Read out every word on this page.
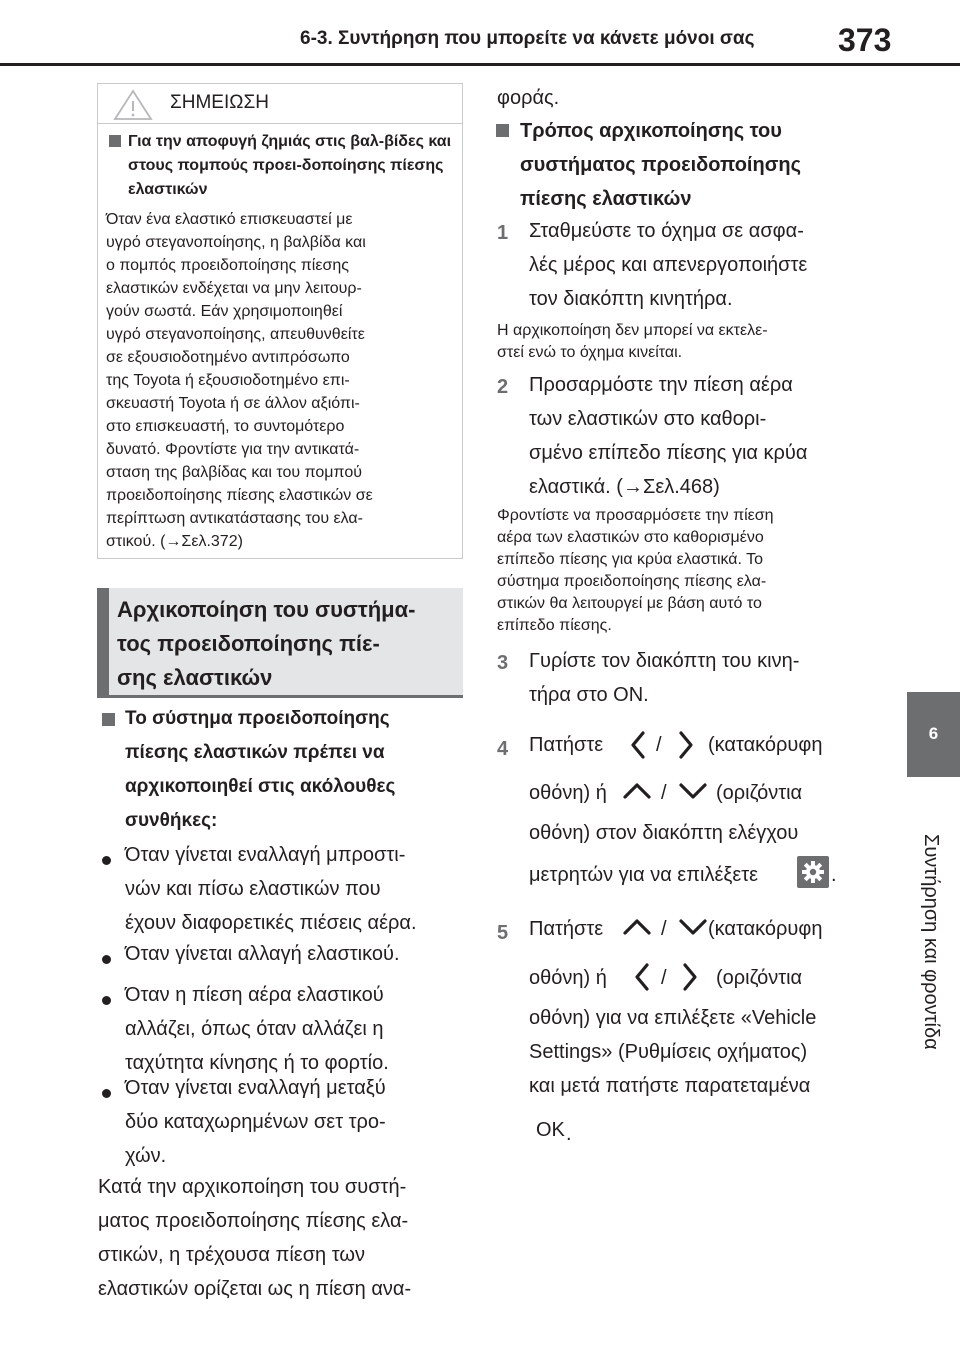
6-3. Συντήρηση που μπορείτε να κάνετε μόνοι σας	373
6
Συντήρηση και φροντίδα
ΣΗΜΕΙΩΣΗ
Για την αποφυγή ζημιάς στις βαλ-βίδες και στους πομπούς προει-δοποίησης πίεσης ελαστικών
Όταν ένα ελαστικό επισκευαστεί με
υγρό στεγανοποίησης, η βαλβίδα και
ο πομπός προειδοποίησης πίεσης
ελαστικών ενδέχεται να μην λειτουρ-
γούν σωστά. Εάν χρησιμοποιηθεί
υγρό στεγανοποίησης, απευθυνθείτε
σε εξουσιοδοτημένο αντιπρόσωπο
της Toyota ή εξουσιοδοτημένο επι-
σκευαστή Toyota ή σε άλλον αξιόπι-
στο επισκευαστή, το συντομότερο
δυνατό. Φροντίστε για την αντικατά-
σταση της βαλβίδας και του πομπού
προειδοποίησης πίεσης ελαστικών σε
περίπτωση αντικατάστασης του ελα-
στικού. (→Σελ.372)
Αρχικοποίηση του συστήμα-
τος προειδοποίησης πίε-
σης ελαστικών
Το σύστημα προειδοποίησης
πίεσης ελαστικών πρέπει να
αρχικοποιηθεί στις ακόλουθες
συνθήκες:
Όταν γίνεται εναλλαγή μπροστι-
νών και πίσω ελαστικών που
έχουν διαφορετικές πιέσεις αέρα.
Όταν γίνεται αλλαγή ελαστικού.
Όταν η πίεση αέρα ελαστικού
αλλάζει, όπως όταν αλλάζει η
ταχύτητα κίνησης ή το φορτίο.
Όταν γίνεται εναλλαγή μεταξύ
δύο καταχωρημένων σετ τρο-
χών.
Κατά την αρχικοποίηση του συστή-
ματος προειδοποίησης πίεσης ελα-
στικών, η τρέχουσα πίεση των
ελαστικών ορίζεται ως η πίεση ανα-
φοράς.
Τρόπος αρχικοποίησης του
συστήματος προειδοποίησης
πίεσης ελαστικών
1 Σταθμεύστε το όχημα σε ασφα-
λές μέρος και απενεργοποιήστε
τον διακόπτη κινητήρα.
Η αρχικοποίηση δεν μπορεί να εκτελε-
στεί ενώ το όχημα κινείται.
2 Προσαρμόστε την πίεση αέρα
των ελαστικών στο καθορι-
σμένο επίπεδο πίεσης για κρύα
ελαστικά. (→Σελ.468)
Φροντίστε να προσαρμόσετε την πίεση
αέρα των ελαστικών στο καθορισμένο
επίπεδο πίεσης για κρύα ελαστικά. Το
σύστημα προειδοποίησης πίεσης ελα-
στικών θα λειτουργεί με βάση αυτό το
επίπεδο πίεσης.
3 Γυρίστε τον διακόπτη του κινη-
τήρα στο ON.
4 Πατήστε	/ (κατακόρυφη
οθόνη) ή	/ (οριζόντια
οθόνη) στον διακόπτη ελέγχου
μετρητών για να επιλέξετε	.
5 Πατήστε	/ (κατακόρυφη
οθόνη) ή	/ (οριζόντια
οθόνη) για να επιλέξετε «Vehicle
Settings» (Ρυθμίσεις οχήματος)
και μετά πατήστε παρατεταμένα
OK .
